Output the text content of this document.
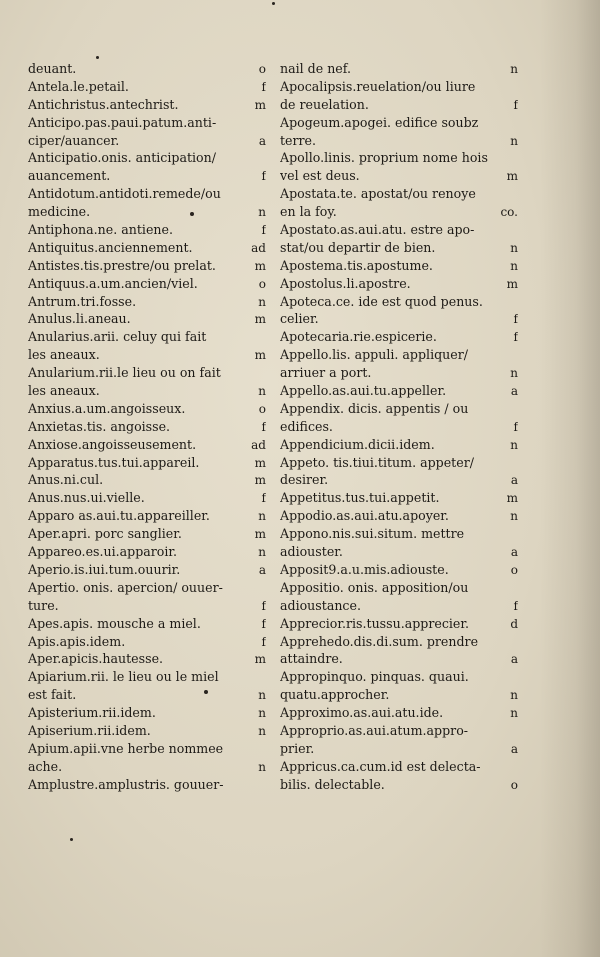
deuant.	o
Antela.le.petail.	f
Antichristus.antechrist.	m
Anticipo.pas.paui.patum.anti-
ciper/auancer.	a
Anticipatio.onis. anticipation/
auancement.	f
Antidotum.antidoti.remede/ou
medicine.	n
Antiphona.ne. antiene.	f
Antiquitus.anciennement.	ad
Antistes.tis.prestre/ou prelat.	m
Antiquus.a.um.ancien/viel.	o
Antrum.tri.fosse.	n
Anulus.li.aneau.	m
Anularius.arii. celuy qui fait
les aneaux.	m
Anularium.rii.le lieu ou on fait
les aneaux.	n
Anxius.a.um.angoisseux.	o
Anxietas.tis. angoisse.	f
Anxiose.angoisseusement.	ad
Apparatus.tus.tui.appareil.	m
Anus.ni.cul.	m
Anus.nus.ui.vielle.	f
Apparo as.aui.tu.appareiller.	n
Aper.apri. porc sanglier.	m
Appareo.es.ui.apparoir.	n
Aperio.is.iui.tum.ouurir.	a
Apertio. onis. apercion/ ouuer-
ture.	f
Apes.apis. mousche a miel.	f
Apis.apis.idem.	f
Aper.apicis.hautesse.	m
Apiarium.rii. le lieu ou le miel
est fait.	n
Apisterium.rii.idem.	n
Apiserium.rii.idem.	n
Apium.apii.vne herbe nommee
ache.	n
Amplustre.amplustris. gouuer-
nail de nef.	n
Apocalipsis.reuelation/ou liure
de reuelation.	f
Apogeum.apogei. edifice soubz
terre.	n
Apollo.linis. proprium nome hois
vel est deus.	m
Apostata.te. apostat/ou renoye
en la foy.	co.
Apostato.as.aui.atu. estre apo-
stat/ou departir de bien.	n
Apostema.tis.apostume.	n
Apostolus.li.apostre.	m
Apoteca.ce. ide est quod penus.
celier.	f
Apotecaria.rie.espicerie.	f
Appello.lis. appuli. appliquer/
arriuer a port.	n
Appello.as.aui.tu.appeller.	a
Appendix. dicis. appentis / ou
edifices.	f
Appendicium.dicii.idem.	n
Appeto. tis.tiui.titum. appeter/
desirer.	a
Appetitus.tus.tui.appetit.	m
Appodio.as.aui.atu.apoyer.	n
Appono.nis.sui.situm. mettre
adiouster.	a
Apposit9.a.u.mis.adiouste.	o
Appositio. onis. apposition/ou
adioustance.	f
Apprecior.ris.tussu.apprecier.	d
Apprehedo.dis.di.sum. prendre
attaindre.	a
Appropinquo. pinquas. quaui.
quatu.approcher.	n
Approximo.as.aui.atu.ide.	n
Approprio.as.aui.atum.appro-
prier.	a
Appricus.ca.cum.id est delecta-
bilis. delectable.	o
